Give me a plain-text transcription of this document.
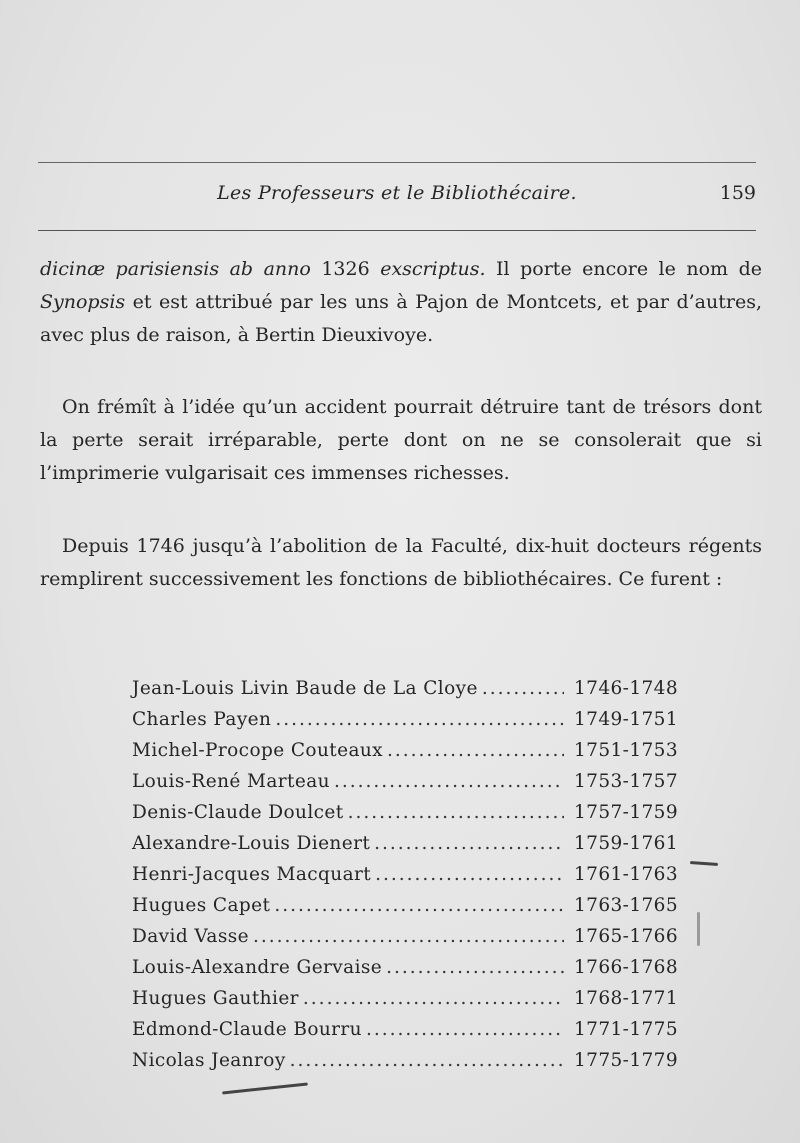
Les Professeurs et le Bibliothécaire.	159

dicinæ parisiensis ab anno 1326 exscriptus. Il porte encore le nom de Synopsis et est attribué par les uns à Pajon de Montcets, et par d’autres, avec plus de raison, à Bertin Dieuxivoye.

On frémît à l’idée qu’un accident pourrait détruire tant de trésors dont la perte serait irréparable, perte dont on ne se consolerait que si l’imprimerie vulgarisait ces immenses richesses.

Depuis 1746 jusqu’à l’abolition de la Faculté, dix-huit docteurs régents remplirent successivement les fonctions de bibliothécaires. Ce furent :

Jean-Louis Livin Baude de La Cloye .....	1746-1748
Charles Payen .....	1749-1751
Michel-Procope Couteaux .....	1751-1753
Louis-René Marteau .....	1753-1757
Denis-Claude Doulcet .....	1757-1759
Alexandre-Louis Dienert .....	1759-1761
Henri-Jacques Macquart .....	1761-1763
Hugues Capet .....	1763-1765
David Vasse .....	1765-1766
Louis-Alexandre Gervaise .....	1766-1768
Hugues Gauthier .....	1768-1771
Edmond-Claude Bourru .....	1771-1775
Nicolas Jeanroy .....	1775-1779
